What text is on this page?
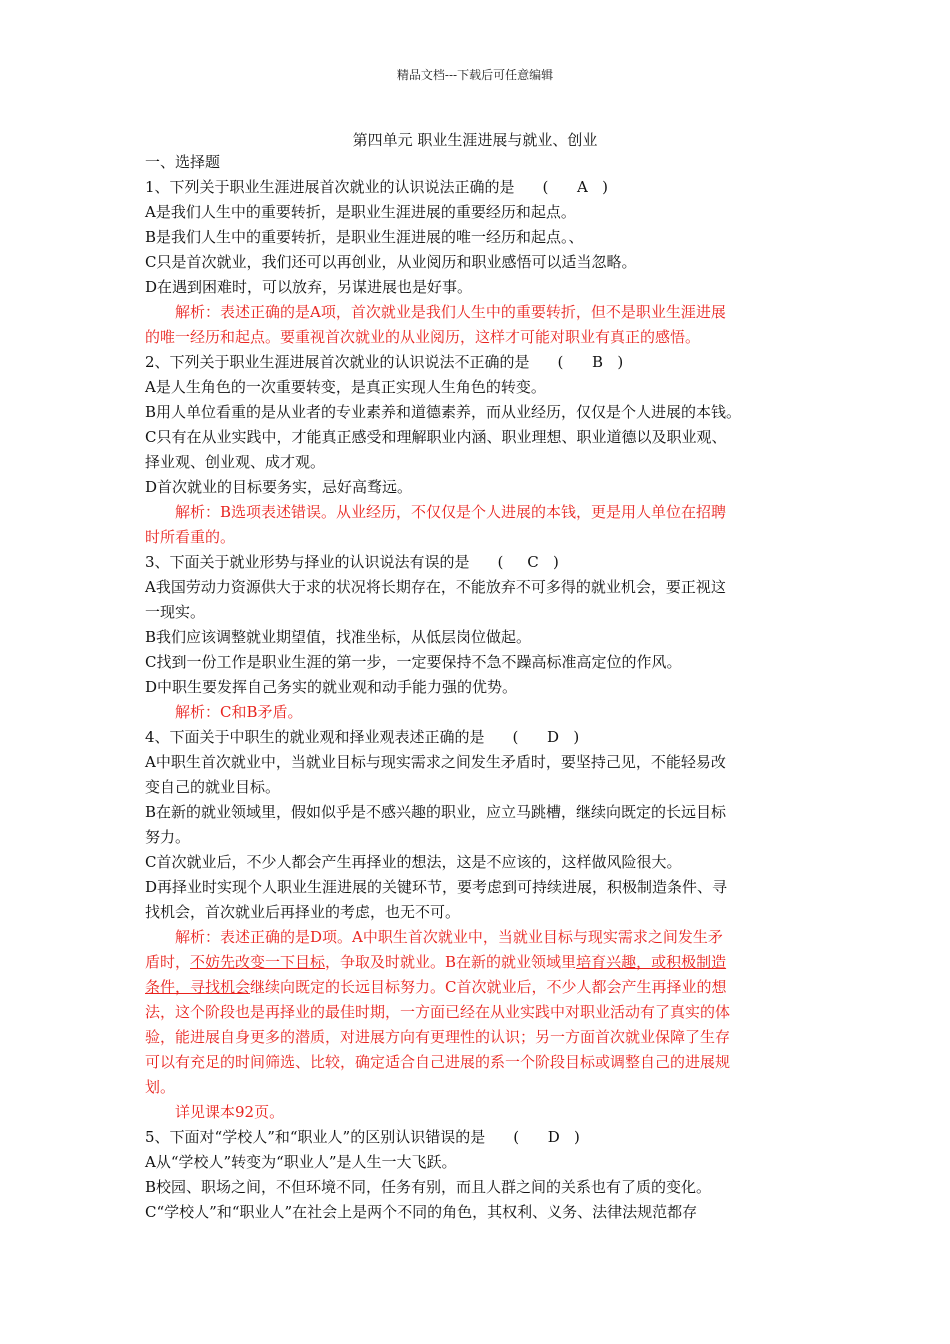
精品文档---下载后可任意编辑
第四单元 职业生涯进展与就业、创业
一、选择题
1、下列关于职业生涯进展首次就业的认识说法正确的是 (      A   )
A是我们人生中的重要转折，是职业生涯进展的重要经历和起点。
B是我们人生中的重要转折，是职业生涯进展的唯一经历和起点。、
C只是首次就业，我们还可以再创业，从业阅历和职业感悟可以适当忽略。
D在遇到困难时，可以放弃，另谋进展也是好事。
解析：表述正确的是A项，首次就业是我们人生中的重要转折，但不是职业生涯进展
的唯一经历和起点。要重视首次就业的从业阅历，这样才可能对职业有真正的感悟。
2、下列关于职业生涯进展首次就业的认识说法不正确的是 (      B   )
A是人生角色的一次重要转变，是真正实现人生角色的转变。
B用人单位看重的是从业者的专业素养和道德素养，而从业经历，仅仅是个人进展的本钱。
C只有在从业实践中，才能真正感受和理解职业内涵、职业理想、职业道德以及职业观、
择业观、创业观、成才观。
D首次就业的目标要务实，忌好高骛远。
解析：B选项表述错误。从业经历，不仅仅是个人进展的本钱，更是用人单位在招聘
时所看重的。
3、下面关于就业形势与择业的认识说法有误的是 (     C   )
A我国劳动力资源供大于求的状况将长期存在，不能放弃不可多得的就业机会，要正视这
一现实。
B我们应该调整就业期望值，找准坐标，从低层岗位做起。
C找到一份工作是职业生涯的第一步，一定要保持不急不躁高标准高定位的作风。
D中职生要发挥自己务实的就业观和动手能力强的优势。
解析：C和B矛盾。
4、下面关于中职生的就业观和择业观表述正确的是 (      D   )
A中职生首次就业中，当就业目标与现实需求之间发生矛盾时，要坚持己见，不能轻易改
变自己的就业目标。
B在新的就业领域里，假如似乎是不感兴趣的职业，应立马跳槽，继续向既定的长远目标
努力。
C首次就业后，不少人都会产生再择业的想法，这是不应该的，这样做风险很大。
D再择业时实现个人职业生涯进展的关键环节，要考虑到可持续进展，积极制造条件、寻
找机会，首次就业后再择业的考虑，也无不可。
解析：表述正确的是D项。A中职生首次就业中，当就业目标与现实需求之间发生矛
盾时，不妨先改变一下目标，争取及时就业。B在新的就业领域里培育兴趣，或积极制造
条件，寻找机会继续向既定的长远目标努力。C首次就业后，不少人都会产生再择业的想
法，这个阶段也是再择业的最佳时期，一方面已经在从业实践中对职业活动有了真实的体
验，能进展自身更多的潜质，对进展方向有更理性的认识；另一方面首次就业保障了生存
可以有充足的时间筛选、比较，确定适合自己进展的系一个阶段目标或调整自己的进展规
划。
详见课本92页。
5、下面对“学校人”和“职业人”的区别认识错误的是 (      D   )
A从“学校人”转变为“职业人”是人生一大飞跃。
B校园、职场之间，不但环境不同，任务有别，而且人群之间的关系也有了质的变化。
C“学校人”和“职业人”在社会上是两个不同的角色，其权利、义务、法律法规范都存
